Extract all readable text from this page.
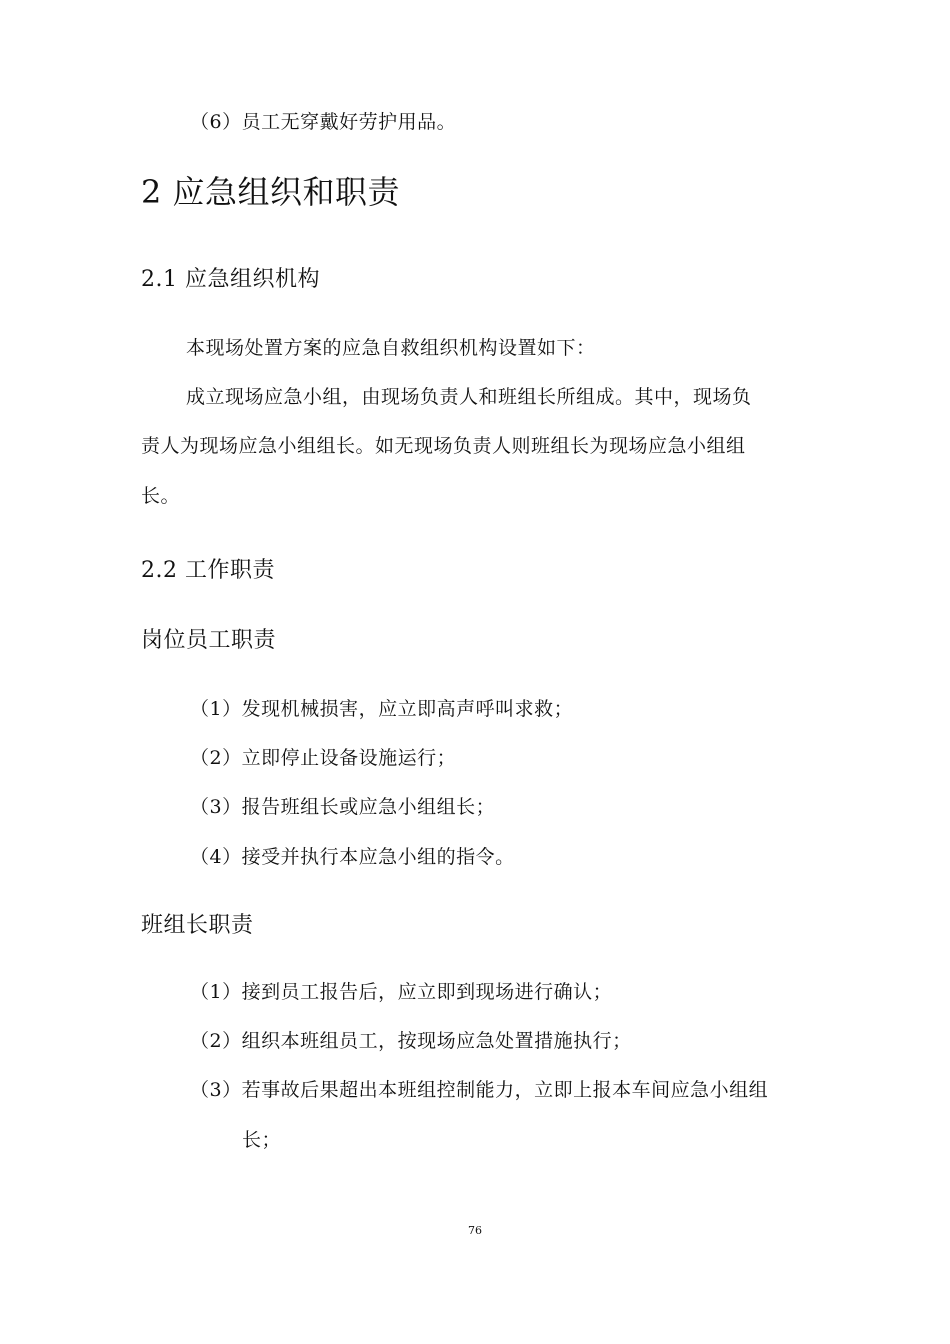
（6）员工无穿戴好劳护用品。
2 应急组织和职责
2.1 应急组织机构
本现场处置方案的应急自救组织机构设置如下：
成立现场应急小组，由现场负责人和班组长所组成。其中，现场负
责人为现场应急小组组长。如无现场负责人则班组长为现场应急小组组
长。
2.2 工作职责
岗位员工职责
（1）发现机械损害，应立即高声呼叫求救；
（2）立即停止设备设施运行；
（3）报告班组长或应急小组组长；
（4）接受并执行本应急小组的指令。
班组长职责
（1）接到员工报告后，应立即到现场进行确认；
（2）组织本班组员工，按现场应急处置措施执行；
（3）若事故后果超出本班组控制能力，立即上报本车间应急小组组
长；
76
